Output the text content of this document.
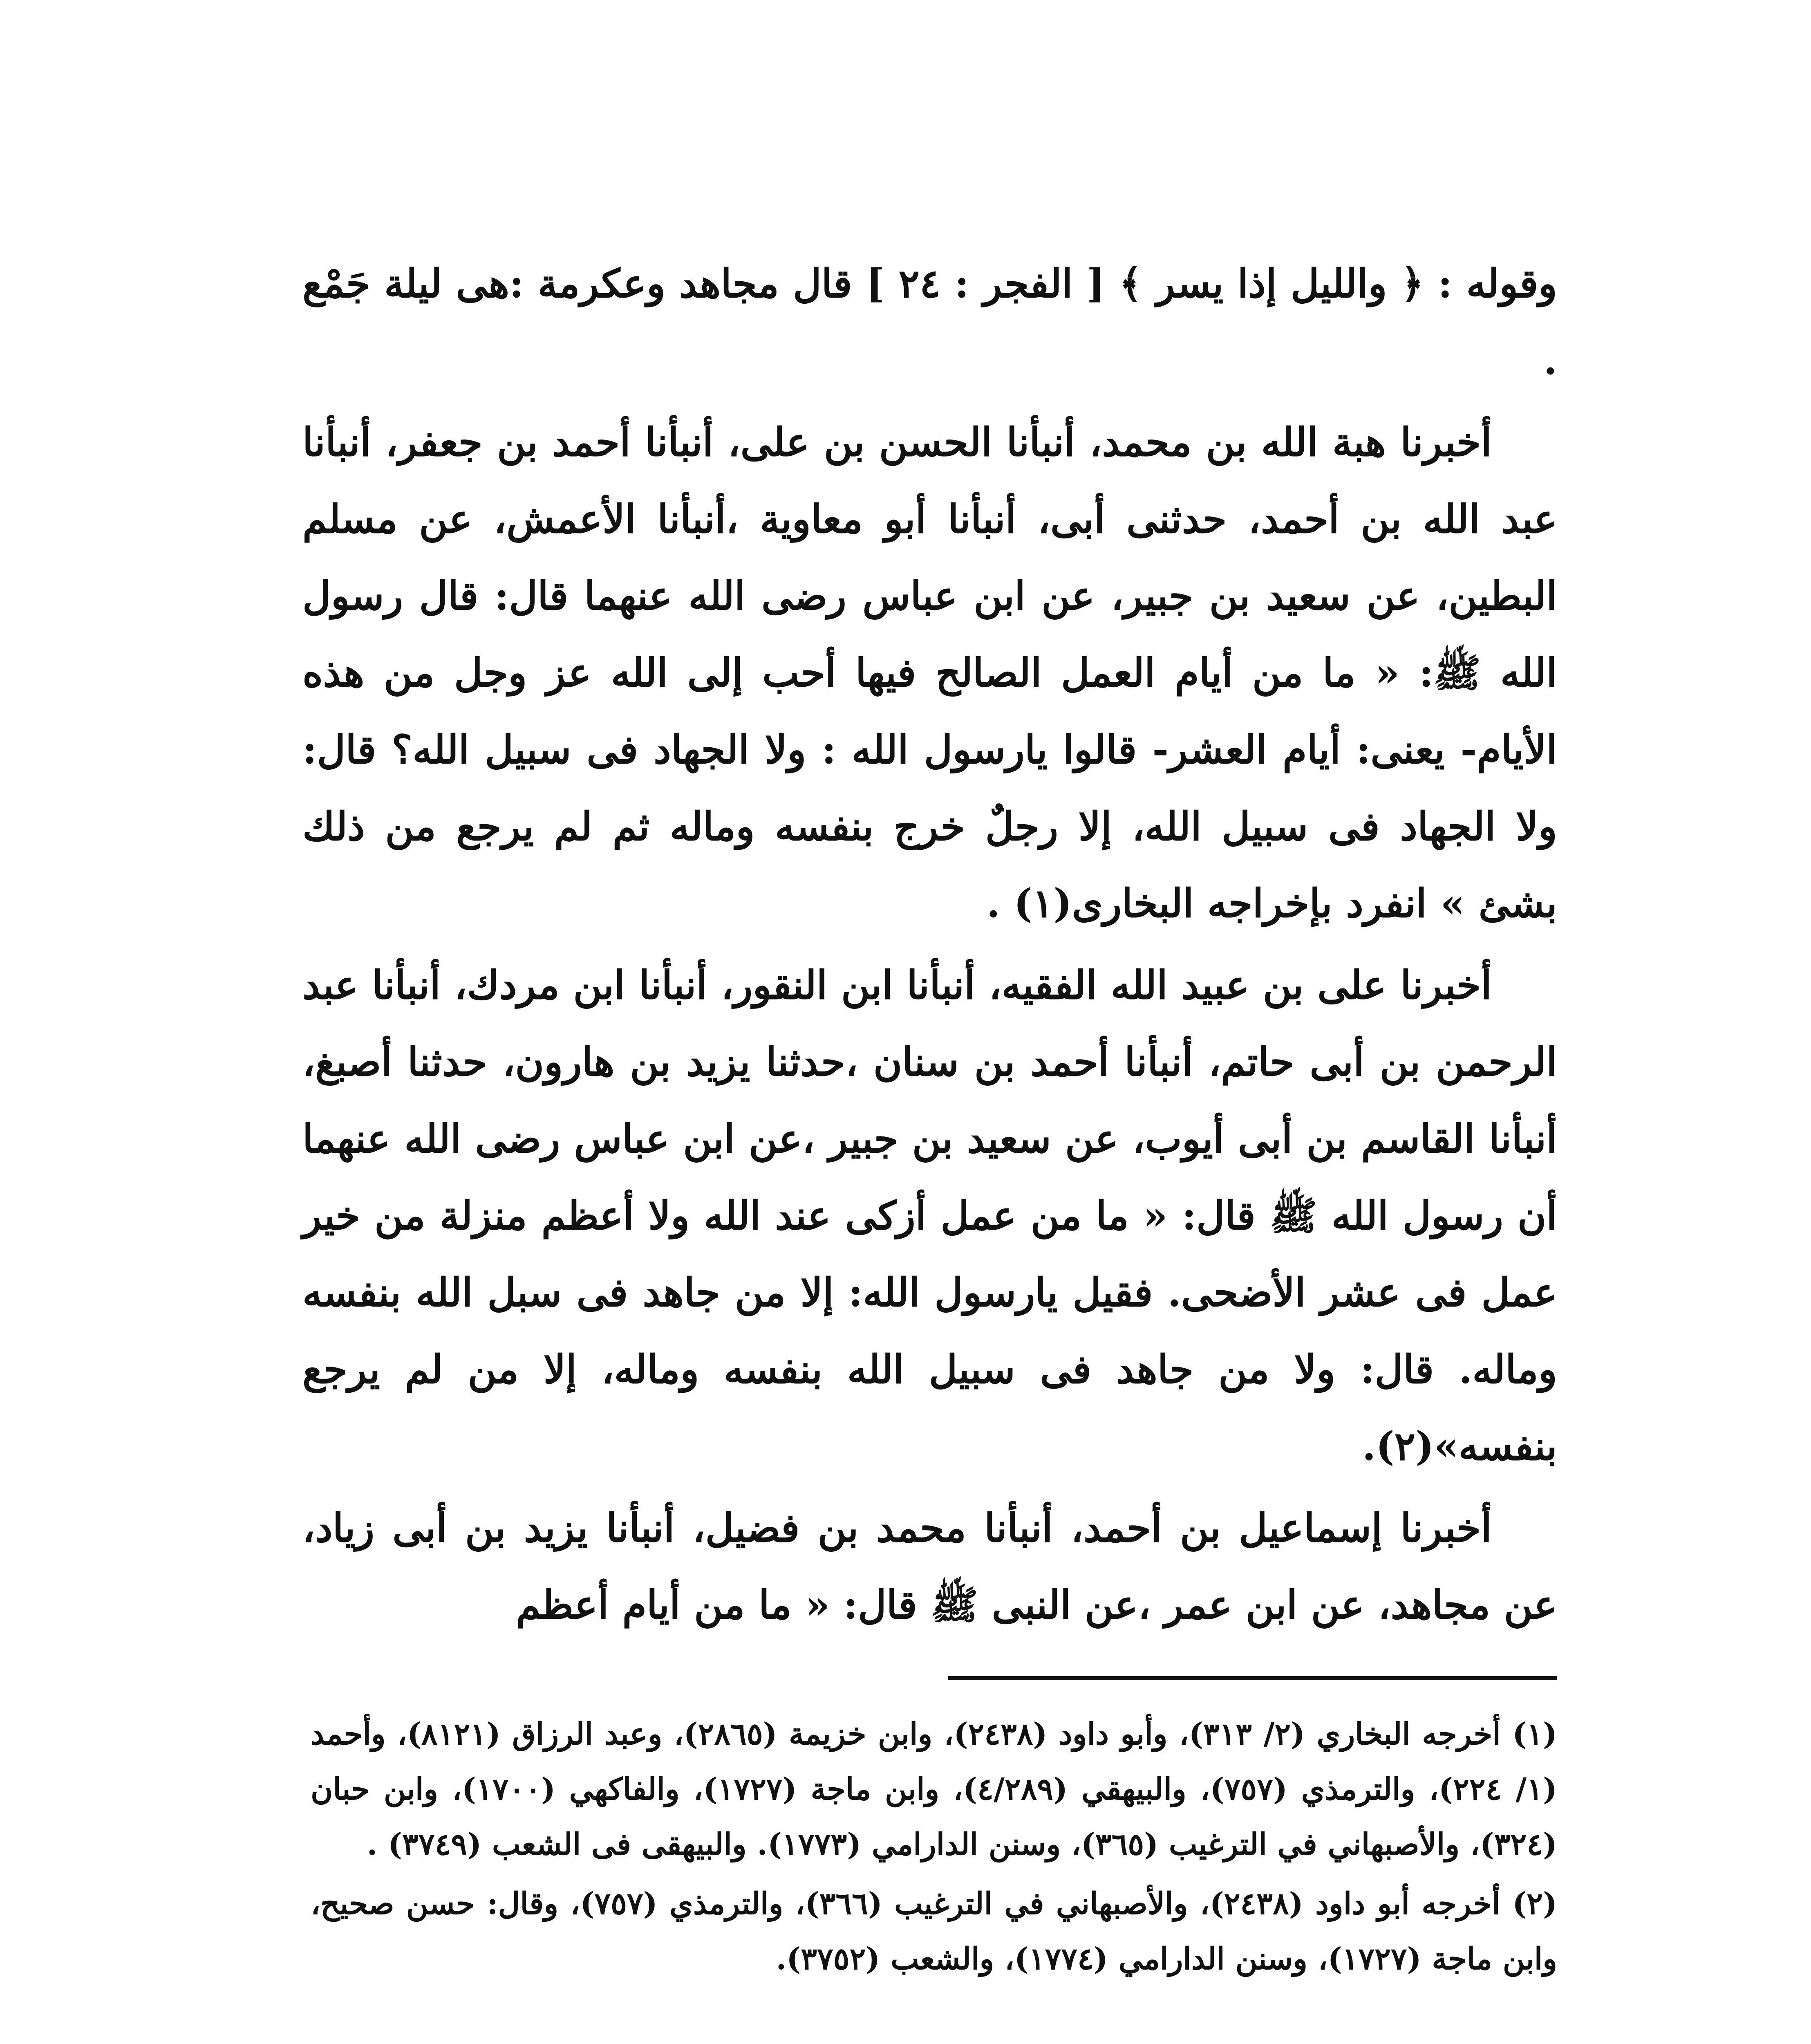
وقوله : ﴿ والليل إذا يسر ﴾ [ الفجر : ٢٤ ] قال مجاهد وعكرمة :هى ليلة جَمْع .

أخبرنا هبة الله بن محمد، أنبأنا الحسن بن على، أنبأنا أحمد بن جعفر، أنبأنا عبد الله بن أحمد، حدثنى أبى، أنبأنا أبو معاوية ،أنبأنا الأعمش، عن مسلم البطين، عن سعيد بن جبير، عن ابن عباس رضى الله عنهما قال: قال رسول الله ﷺ: « ما من أيام العمل الصالح فيها أحب إلى الله عز وجل من هذه الأيام- يعنى: أيام العشر- قالوا يارسول الله : ولا الجهاد فى سبيل الله؟ قال: ولا الجهاد فى سبيل الله، إلا رجلٌ خرج بنفسه وماله ثم لم يرجع من ذلك بشئ » انفرد بإخراجه البخارى(١) .

أخبرنا على بن عبيد الله الفقيه، أنبأنا ابن النقور، أنبأنا ابن مردك، أنبأنا عبد الرحمن بن أبى حاتم، أنبأنا أحمد بن سنان ،حدثنا يزيد بن هارون، حدثنا أصبغ، أنبأنا القاسم بن أبى أيوب، عن سعيد بن جبير ،عن ابن عباس رضى الله عنهما أن رسول الله ﷺ قال: « ما من عمل أزكى عند الله ولا أعظم منزلة من خير عمل فى عشر الأضحى. فقيل يارسول الله: إلا من جاهد فى سبل الله بنفسه وماله. قال: ولا من جاهد فى سبيل الله بنفسه وماله، إلا من لم يرجع بنفسه»(٢).

أخبرنا إسماعيل بن أحمد، أنبأنا محمد بن فضيل، أنبأنا يزيد بن أبى زياد، عن مجاهد، عن ابن عمر ،عن النبى ﷺ قال: « ما من أيام أعظم

(١) أخرجه البخاري (٢/ ٣١٣)، وأبو داود (٢٤٣٨)، وابن خزيمة (٢٨٦٥)، وعبد الرزاق (٨١٢١)، وأحمد (١/ ٢٢٤)، والترمذي (٧٥٧)، والبيهقي (٤/٢٨٩)، وابن ماجة (١٧٢٧)، والفاكهي (١٧٠٠)، وابن حبان (٣٢٤)، والأصبهاني في الترغيب (٣٦٥)، وسنن الدارامي (١٧٧٣). والبيهقى فى الشعب (٣٧٤٩) .

(٢) أخرجه أبو داود (٢٤٣٨)، والأصبهاني في الترغيب (٣٦٦)، والترمذي (٧٥٧)، وقال: حسن صحيح، وابن ماجة (١٧٢٧)، وسنن الدارامي (١٧٧٤)، والشعب (٣٧٥٢).
